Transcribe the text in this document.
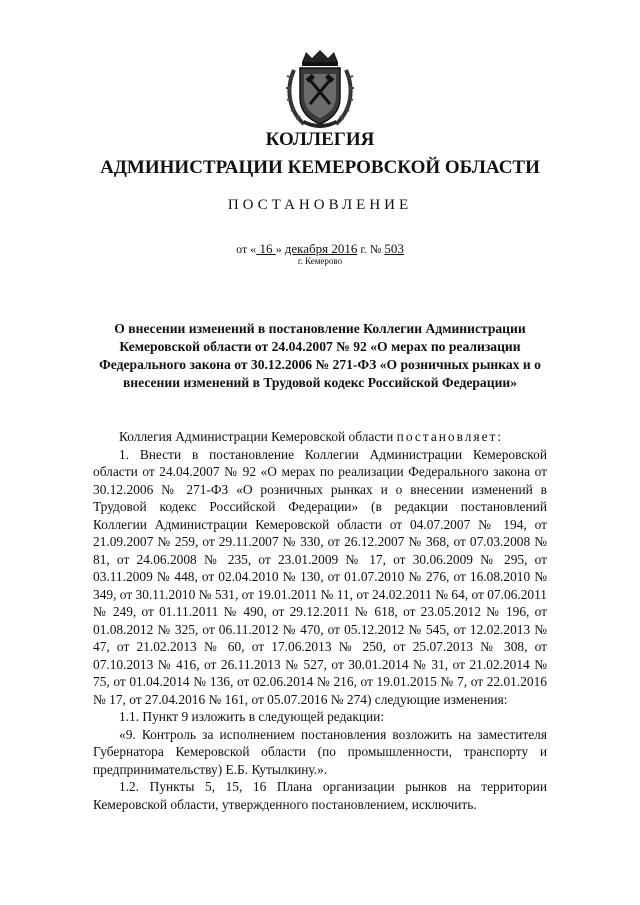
КОЛЛЕГИЯ
АДМИНИСТРАЦИИ КЕМЕРОВСКОЙ ОБЛАСТИ
ПОСТАНОВЛЕНИЕ
от « 16 » декабря 2016 г. № 503
г. Кемерово
О внесении изменений в постановление Коллегии Администрации Кемеровской области от 24.04.2007 № 92 «О мерах по реализации Федерального закона от 30.12.2006 № 271-ФЗ «О розничных рынках и о внесении изменений в Трудовой кодекс Российской Федерации»

Коллегия Администрации Кемеровской области постановляет:

1. Внести в постановление Коллегии Администрации Кемеровской области от 24.04.2007 № 92 «О мерах по реализации Федерального закона от 30.12.2006 № 271-ФЗ «О розничных рынках и о внесении изменений в Трудовой кодекс Российской Федерации» (в редакции постановлений Коллегии Администрации Кемеровской области от 04.07.2007 № 194, от 21.09.2007 № 259, от 29.11.2007 № 330, от 26.12.2007 № 368, от 07.03.2008 № 81, от 24.06.2008 № 235, от 23.01.2009 № 17, от 30.06.2009 № 295, от 03.11.2009 № 448, от 02.04.2010 № 130, от 01.07.2010 № 276, от 16.08.2010 № 349, от 30.11.2010 № 531, от 19.01.2011 № 11, от 24.02.2011 № 64, от 07.06.2011 № 249, от 01.11.2011 № 490, от 29.12.2011 № 618, от 23.05.2012 № 196, от 01.08.2012 № 325, от 06.11.2012 № 470, от 05.12.2012 № 545, от 12.02.2013 № 47, от 21.02.2013 № 60, от 17.06.2013 № 250, от 25.07.2013 № 308, от 07.10.2013 № 416, от 26.11.2013 № 527, от 30.01.2014 № 31, от 21.02.2014 № 75, от 01.04.2014 № 136, от 02.06.2014 № 216, от 19.01.2015 № 7, от 22.01.2016 № 17, от 27.04.2016 № 161, от 05.07.2016 № 274) следующие изменения:

1.1. Пункт 9 изложить в следующей редакции:

«9. Контроль за исполнением постановления возложить на заместителя Губернатора Кемеровской области (по промышленности, транспорту и предпринимательству) Е.Б. Кутылкину.».

1.2. Пункты 5, 15, 16 Плана организации рынков на территории Кемеровской области, утвержденного постановлением, исключить.
